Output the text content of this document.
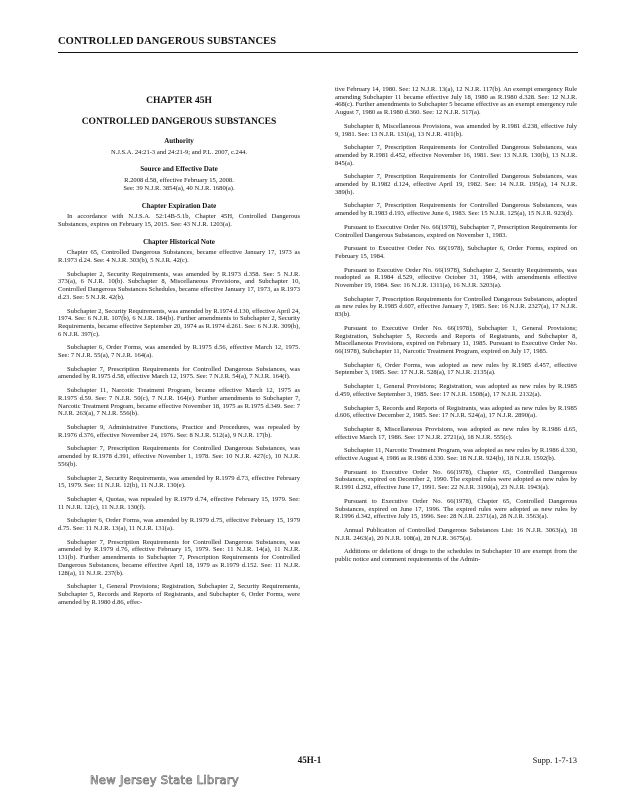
CONTROLLED DANGEROUS SUBSTANCES

CHAPTER 45H

CONTROLLED DANGEROUS SUBSTANCES

Authority

N.J.S.A. 24:21-3 and 24:21-9; and P.L. 2007, c.244.

Source and Effective Date

R.2008 d.58, effective February 15, 2008.

See: 39 N.J.R. 3854(a), 40 N.J.R. 1680(a).

Chapter Expiration Date

In accordance with N.J.S.A. 52:14B-5.1b, Chapter 45H, Controlled Dangerous Substances, expires on February 15, 2015. See: 43 N.J.R. 1203(a).

Chapter Historical Note

Chapter 65, Controlled Dangerous Substances, became effective January 17, 1973 as R.1973 d.24. See: 4 N.J.R. 303(b), 5 N.J.R. 42(c).

Subchapter 2, Security Requirements, was amended by R.1973 d.358. See: 5 N.J.R. 373(a), 6 N.J.R. 10(b). Subchapter 8, Miscellaneous Provisions, and Subchapter 10, Controlled Dangerous Substances Schedules, became effective January 17, 1973, as R.1973 d.23. See: 5 N.J.R. 42(b).

Subchapter 2, Security Requirements, was amended by R.1974 d.130, effective April 24, 1974. See: 6 N.J.R. 107(b), 6 N.J.R. 184(b). Further amendments to Subchapter 2, Security Requirements, became effective September 20, 1974 as R.1974 d.261. See: 6 N.J.R. 309(b), 6 N.J.R. 397(c).

Subchapter 6, Order Forms, was amended by R.1975 d.56, effective March 12, 1975. See: 7 N.J.R. 55(a), 7 N.J.R. 164(a).

Subchapter 7, Prescription Requirements for Controlled Dangerous Substances, was amended by R.1975 d.58, effective March 12, 1975. See: 7 N.J.R. 54(a), 7 N.J.R. 164(f).

Subchapter 11, Narcotic Treatment Program, became effective March 12, 1975 as R.1975 d.59. See: 7 N.J.R. 50(c), 7 N.J.R. 164(e). Further amendments to Subchapter 7, Narcotic Treatment Program, became effective November 18, 1975 as R.1975 d.349. See: 7 N.J.R. 263(a), 7 N.J.R. 556(b).

Subchapter 9, Administrative Functions, Practice and Procedures, was repealed by R.1976 d.376, effective November 24, 1976. See: 8 N.J.R. 512(a), 9 N.J.R. 17(b).

Subchapter 7, Prescription Requirements for Controlled Dangerous Substances, was amended by R.1978 d.391, effective November 1, 1978. See: 10 N.J.R. 427(c), 10 N.J.R. 556(b).

Subchapter 2, Security Requirements, was amended by R.1979 d.73, effective February 15, 1979. See: 11 N.J.R. 12(b), 11 N.J.R. 130(e).

Subchapter 4, Quotas, was repealed by R.1979 d.74, effective February 15, 1979. See: 11 N.J.R. 12(c), 11 N.J.R. 130(f).

Subchapter 6, Order Forms, was amended by R.1979 d.75, effective February 15, 1979 d.75. See: 11 N.J.R. 13(a), 11 N.J.R. 131(a).

Subchapter 7, Prescription Requirements for Controlled Dangerous Substances, was amended by R.1979 d.76, effective February 15, 1979. See: 11 N.J.R. 14(a), 11 N.J.R. 131(b). Further amendments to Subchapter 7, Prescription Requirements for Controlled Dangerous Substances, became effective April 18, 1979 as R.1979 d.152. See: 11 N.J.R. 128(a), 11 N.J.R. 237(b).

Subchapter 1, General Provisions; Registration, Subchapter 2, Security Requirements, Subchapter 5, Records and Reports of Registrants, and Subchapter 6, Order Forms, were amended by R.1980 d.86, effec-

tive February 14, 1980. See: 12 N.J.R. 13(a), 12 N.J.R. 117(b). An exempt emergency Rule amending Subchapter 11 became effective July 18, 1980 as R.1980 d.328. See: 12 N.J.R. 468(c). Further amendments to Subchapter 5 became effective as an exempt emergency rule August 7, 1980 as R.1980 d.360. See: 12 N.J.R. 517(a).

Subchapter 8, Miscellaneous Provisions, was amended by R.1981 d.238, effective July 9, 1981. See: 13 N.J.R. 131(a), 13 N.J.R. 411(b).

Subchapter 7, Prescription Requirements for Controlled Dangerous Substances, was amended by R.1981 d.452, effective November 16, 1981. See: 13 N.J.R. 130(b), 13 N.J.R. 845(a).

Subchapter 7, Prescription Requirements for Controlled Dangerous Substances, was amended by R.1982 d.124, effective April 19, 1982. See: 14 N.J.R. 195(a), 14 N.J.R. 389(b).

Subchapter 7, Prescription Requirements for Controlled Dangerous Substances, was amended by R.1983 d.193, effective June 6, 1983. See: 15 N.J.R. 125(a), 15 N.J.R. 923(d).

Pursuant to Executive Order No. 66(1978), Subchapter 7, Prescription Requirements for Controlled Dangerous Substances, expired on November 1, 1983.

Pursuant to Executive Order No. 66(1978), Subchapter 6, Order Forms, expired on February 15, 1984.

Pursuant to Executive Order No. 66(1978), Subchapter 2, Security Requirements, was readopted as R.1984 d.529, effective October 31, 1984, with amendments effective November 19, 1984. See: 16 N.J.R. 1311(a), 16 N.J.R. 3203(a).

Subchapter 7, Prescription Requirements for Controlled Dangerous Substances, adopted as new rules by R.1985 d.607, effective January 7, 1985. See: 16 N.J.R. 2327(a), 17 N.J.R. 83(b).

Pursuant to Executive Order No. 66(1978), Subchapter 1, General Provisions; Registration, Subchapter 5, Records and Reports of Registrants, and Subchapter 8, Miscellaneous Provisions, expired on February 11, 1985. Pursuant to Executive Order No. 66(1978), Subchapter 11, Narcotic Treatment Program, expired on July 17, 1985.

Subchapter 6, Order Forms, was adopted as new rules by R.1985 d.457, effective September 3, 1985. See: 17 N.J.R. 528(a), 17 N.J.R. 2135(a).

Subchapter 1, General Provisions; Registration, was adopted as new rules by R.1985 d.459, effective September 3, 1985. See: 17 N.J.R. 1508(a), 17 N.J.R. 2132(a).

Subchapter 5, Records and Reports of Registrants, was adopted as new rules by R.1985 d.606, effective December 2, 1985. See: 17 N.J.R. 524(a), 17 N.J.R. 2890(a).

Subchapter 8, Miscellaneous Provisions, was adopted as new rules by R.1986 d.65, effective March 17, 1986. See: 17 N.J.R. 2721(a), 18 N.J.R. 555(c).

Subchapter 11, Narcotic Treatment Program, was adopted as new rules by R.1986 d.330, effective August 4, 1986 as R.1986 d.330. See: 18 N.J.R. 924(b), 18 N.J.R. 1592(b).

Pursuant to Executive Order No. 66(1978), Chapter 65, Controlled Dangerous Substances, expired on December 2, 1990. The expired rules were adopted as new rules by R.1991 d.292, effective June 17, 1991. See: 22 N.J.R. 3190(a), 23 N.J.R. 1943(a).

Pursuant to Executive Order No. 66(1978), Chapter 65, Controlled Dangerous Substances, expired on June 17, 1996. The expired rules were adopted as new rules by R.1996 d.342, effective July 15, 1996. See: 28 N.J.R. 2371(a), 28 N.J.R. 3563(a).

Annual Publication of Controlled Dangerous Substances List: 16 N.J.R. 3063(a), 18 N.J.R. 2463(a), 20 N.J.R. 108(a), 28 N.J.R. 3675(a).

Additions or deletions of drugs to the schedules in Subchapter 10 are exempt from the public notice and comment requirements of the Admin-

45H-1	Supp. 1-7-13
New Jersey State Library
